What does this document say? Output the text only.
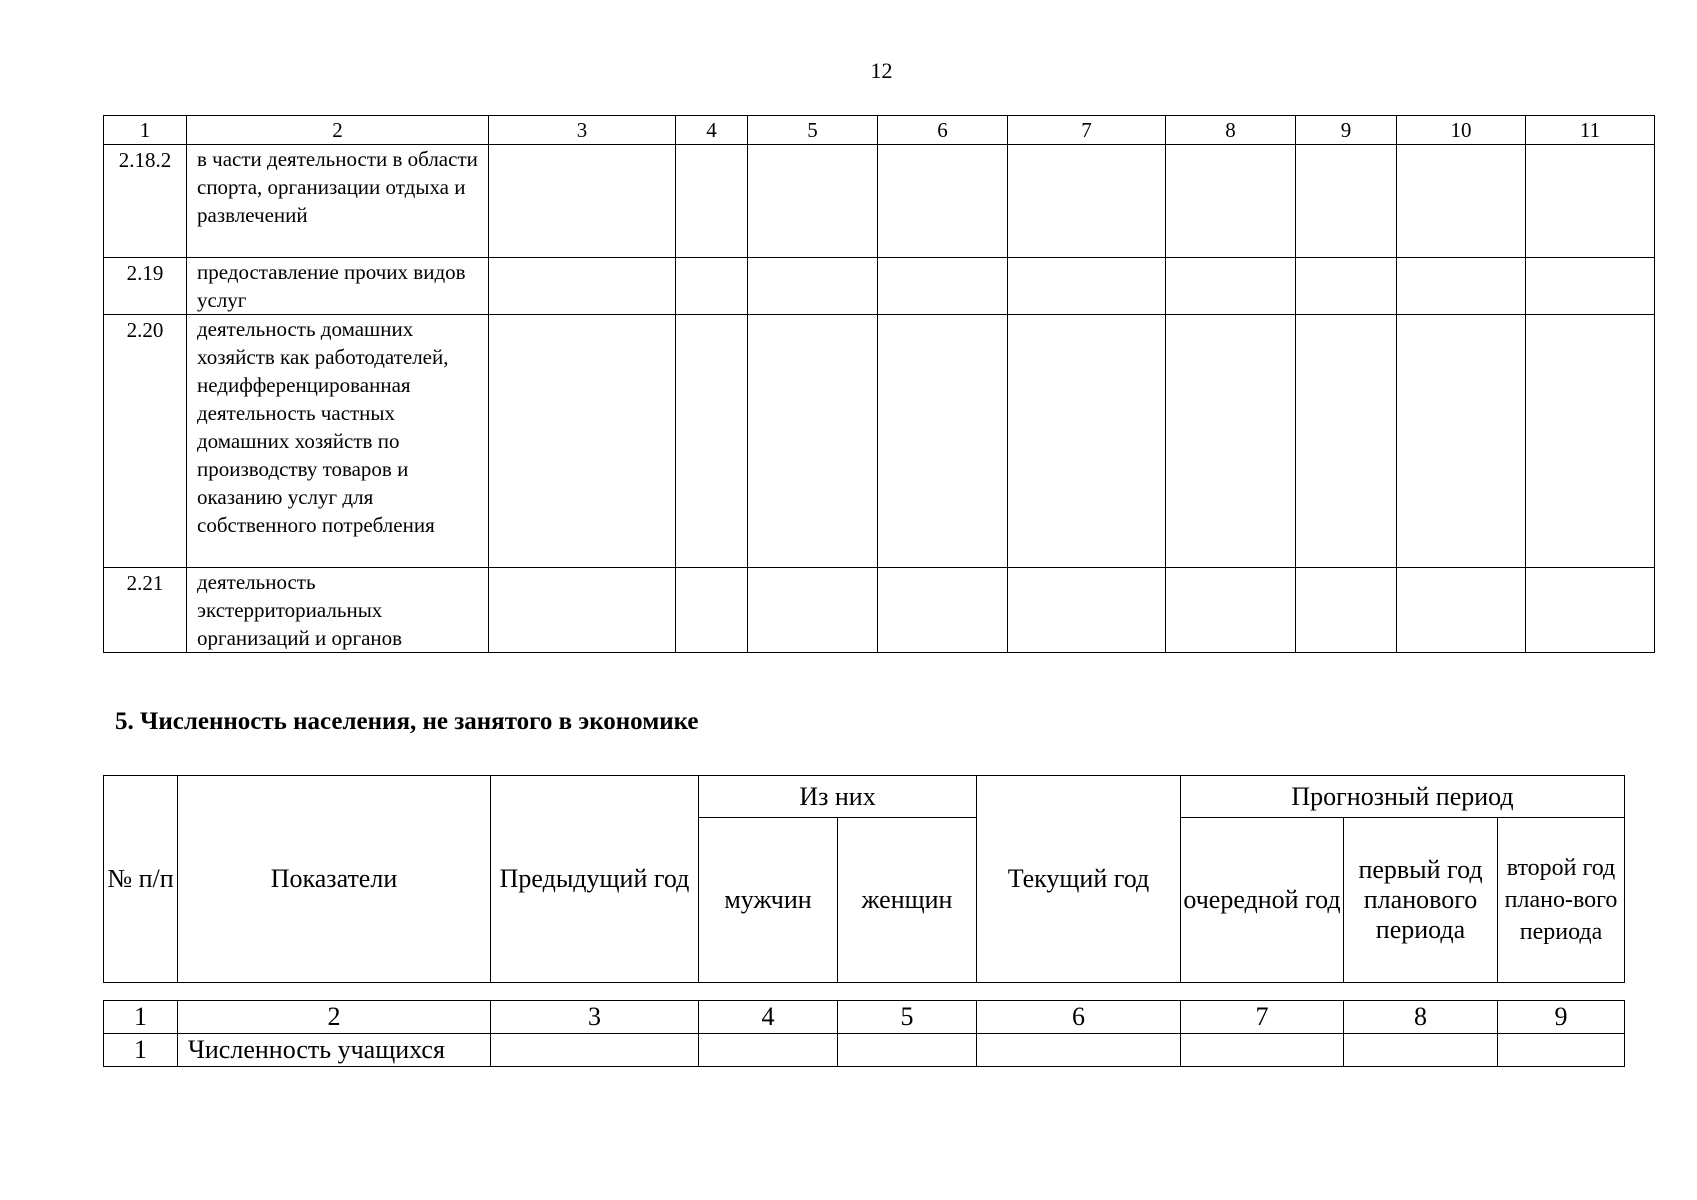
12
1	2	3	4	5	6	7	8	9	10	11
2.18.2	в части деятельности в области спорта, организации отдыха и развлечений									
2.19	предоставление прочих видов услуг									
2.20	деятельность домашних хозяйств как работодателей, недифференцированная деятельность частных домашних хозяйств по производству товаров и оказанию услуг для собственного потребления									
2.21	деятельность экстерриториальных организаций и органов									
5. Численность населения, не занятого в экономике
№ п/п	Показатели	Предыдущий год	Из них		Текущий год	Прогнозный период		
			мужчин	женщин		очередной год	первый год планового периода	второй год плано-вого периода
1	2	3	4	5	6	7	8	9
1	Численность учащихся							
